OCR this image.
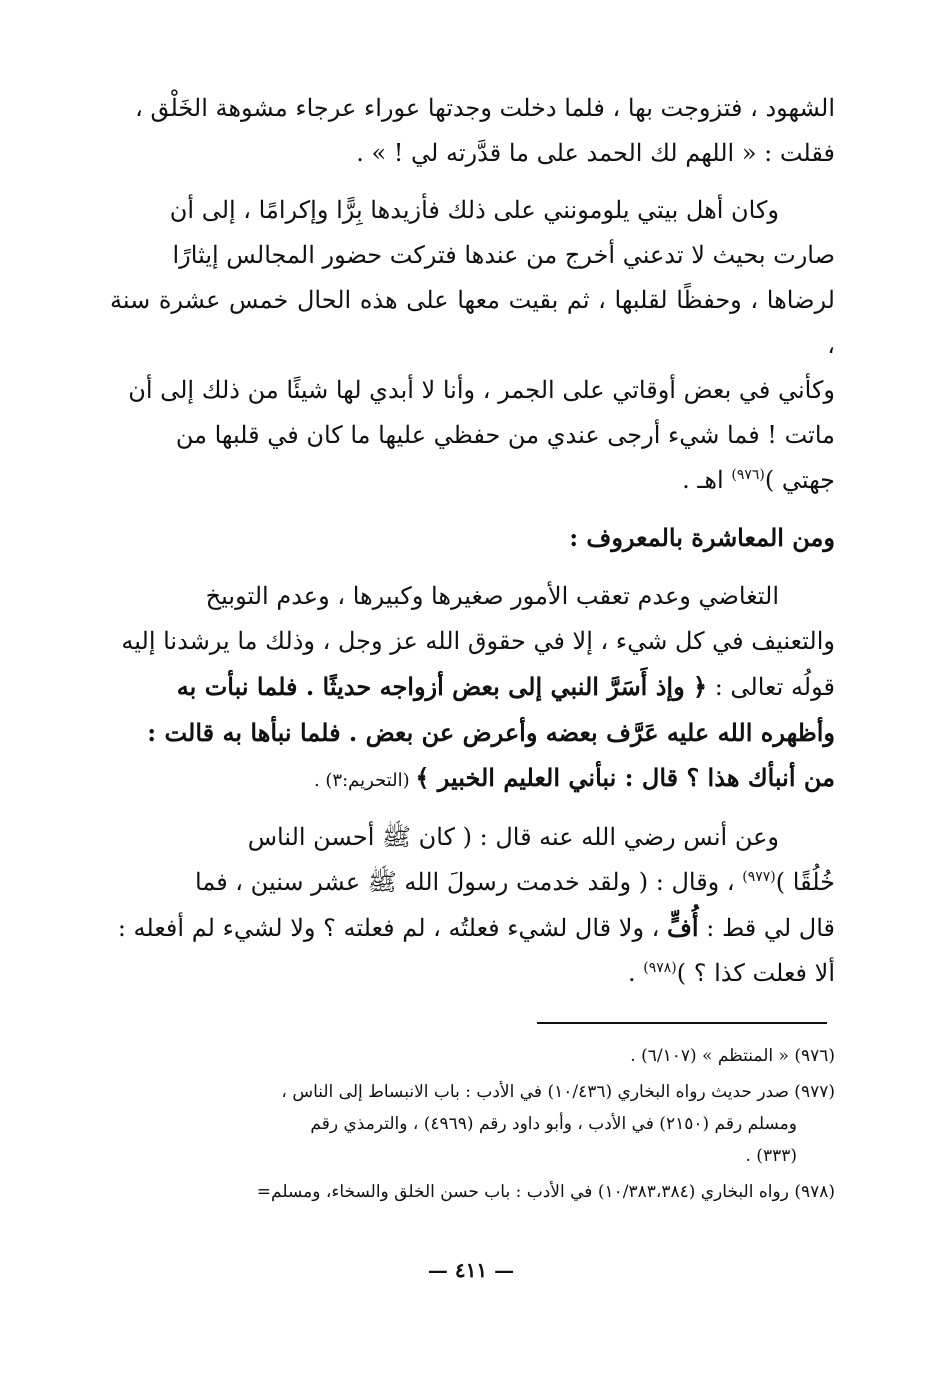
الشهود ، فتزوجت بها ، فلما دخلت وجدتها عوراء عرجاء مشوهة الخَلْق ،

فقلت : « اللهم لك الحمد على ما قدَّرته لي ! » .

وكان أهل بيتي يلومونني على ذلك فأزيدها بِرًّا وإكرامًا ، إلى أن

صارت بحيث لا تدعني أخرج من عندها فتركت حضور المجالس إيثارًا

لرضاها ، وحفظًا لقلبها ، ثم بقيت معها على هذه الحال خمس عشرة سنة ،

وكأني في بعض أوقاتي على الجمر ، وأنا لا أبدي لها شيئًا من ذلك إلى أن

ماتت ! فما شيء أرجى عندي من حفظي عليها ما كان في قلبها من

جهتي )$^{(٩٧٦)}$ اهـ .

ومن المعاشرة بالمعروف :

التغاضي وعدم تعقب الأمور صغيرها وكبيرها ، وعدم التوبيخ

والتعنيف في كل شيء ، إلا في حقوق الله عز وجل ، وذلك ما يرشدنا إليه

قولُه تعالى : ﴿ وإذ أَسَرَّ النبي إلى بعض أزواجه حديثًا . فلما نبأت به

وأظهره الله عليه عَرَّف بعضه وأعرض عن بعض . فلما نبأها به قالت :

من أنبأك هذا ؟ قال : نبأني العليم الخبير ﴾ (التحريم:٣) .

وعن أنس رضي الله عنه قال : ( كان ﷺ أحسن الناس

خُلُقًا )$^{(٩٧٧)}$ ، وقال : ( ولقد خدمت رسولَ الله ﷺ عشر سنين ، فما

قال لي قط : أُفٍّ ، ولا قال لشيء فعلتُه ، لم فعلته ؟ ولا لشيء لم أفعله :

ألا فعلت كذا ؟ )$^{(٩٧٨)}$ .

(٩٧٦) « المنتظم » (٦/١٠٧) .
(٩٧٧) صدر حديث رواه البخاري (١٠/٤٣٦) في الأدب : باب الانبساط إلى الناس ،
ومسلم رقم (٢١٥٠) في الأدب ، وأبو داود رقم (٤٩٦٩) ، والترمذي رقم
(٣٣٣) .
(٩٧٨) رواه البخاري (١٠/٣٨٣،٣٨٤) في الأدب : باب حسن الخلق والسخاء، ومسلم=
— ٤١١ —
